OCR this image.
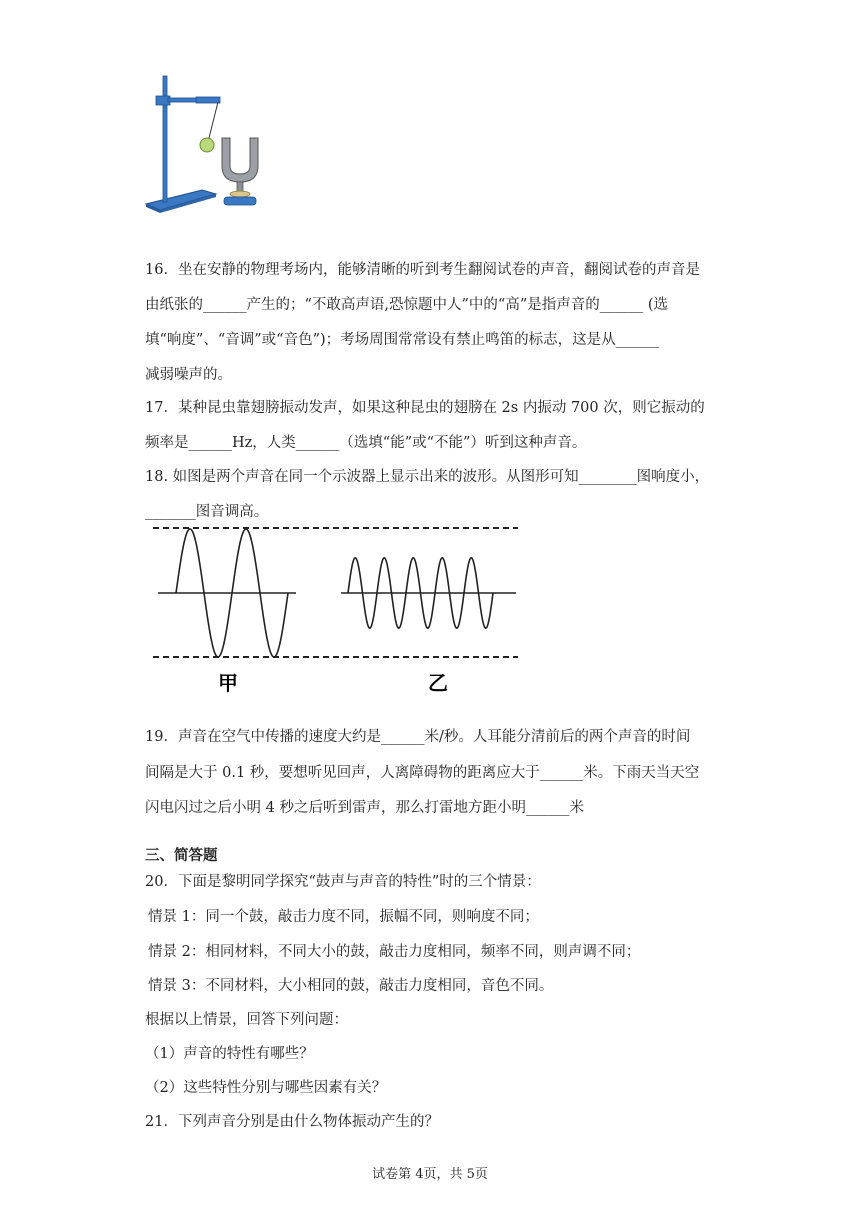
16．坐在安静的物理考场内，能够清晰的听到考生翻阅试卷的声音，翻阅试卷的声音是
由纸张的______产生的；“不敢高声语,恐惊题中人”中的“高”是指声音的______ (选
填“响度”、“音调”或“音色”)；考场周围常常设有禁止鸣笛的标志，这是从______
减弱噪声的。
17．某种昆虫靠翅膀振动发声，如果这种昆虫的翅膀在 2s 内振动 700 次，则它振动的
频率是______Hz，人类______（选填“能”或“不能”）听到这种声音。
18. 如图是两个声音在同一个示波器上显示出来的波形。从图形可知________图响度小，
_______图音调高。
甲	乙
19．声音在空气中传播的速度大约是______米/秒。人耳能分清前后的两个声音的时间
间隔是大于 0.1 秒，要想听见回声，人离障碍物的距离应大于______米。下雨天当天空
闪电闪过之后小明 4 秒之后听到雷声，那么打雷地方距小明______米
三、简答题
20．下面是黎明同学探究“鼓声与声音的特性”时的三个情景：
情景 1：同一个鼓，敲击力度不同，振幅不同，则响度不同；
情景 2：相同材料，不同大小的鼓，敲击力度相同，频率不同，则声调不同；
情景 3：不同材料，大小相同的鼓，敲击力度相同，音色不同。
根据以上情景，回答下列问题：
（1）声音的特性有哪些？
（2）这些特性分别与哪些因素有关？
21．下列声音分别是由什么物体振动产生的？
试卷第 4页，共 5页
